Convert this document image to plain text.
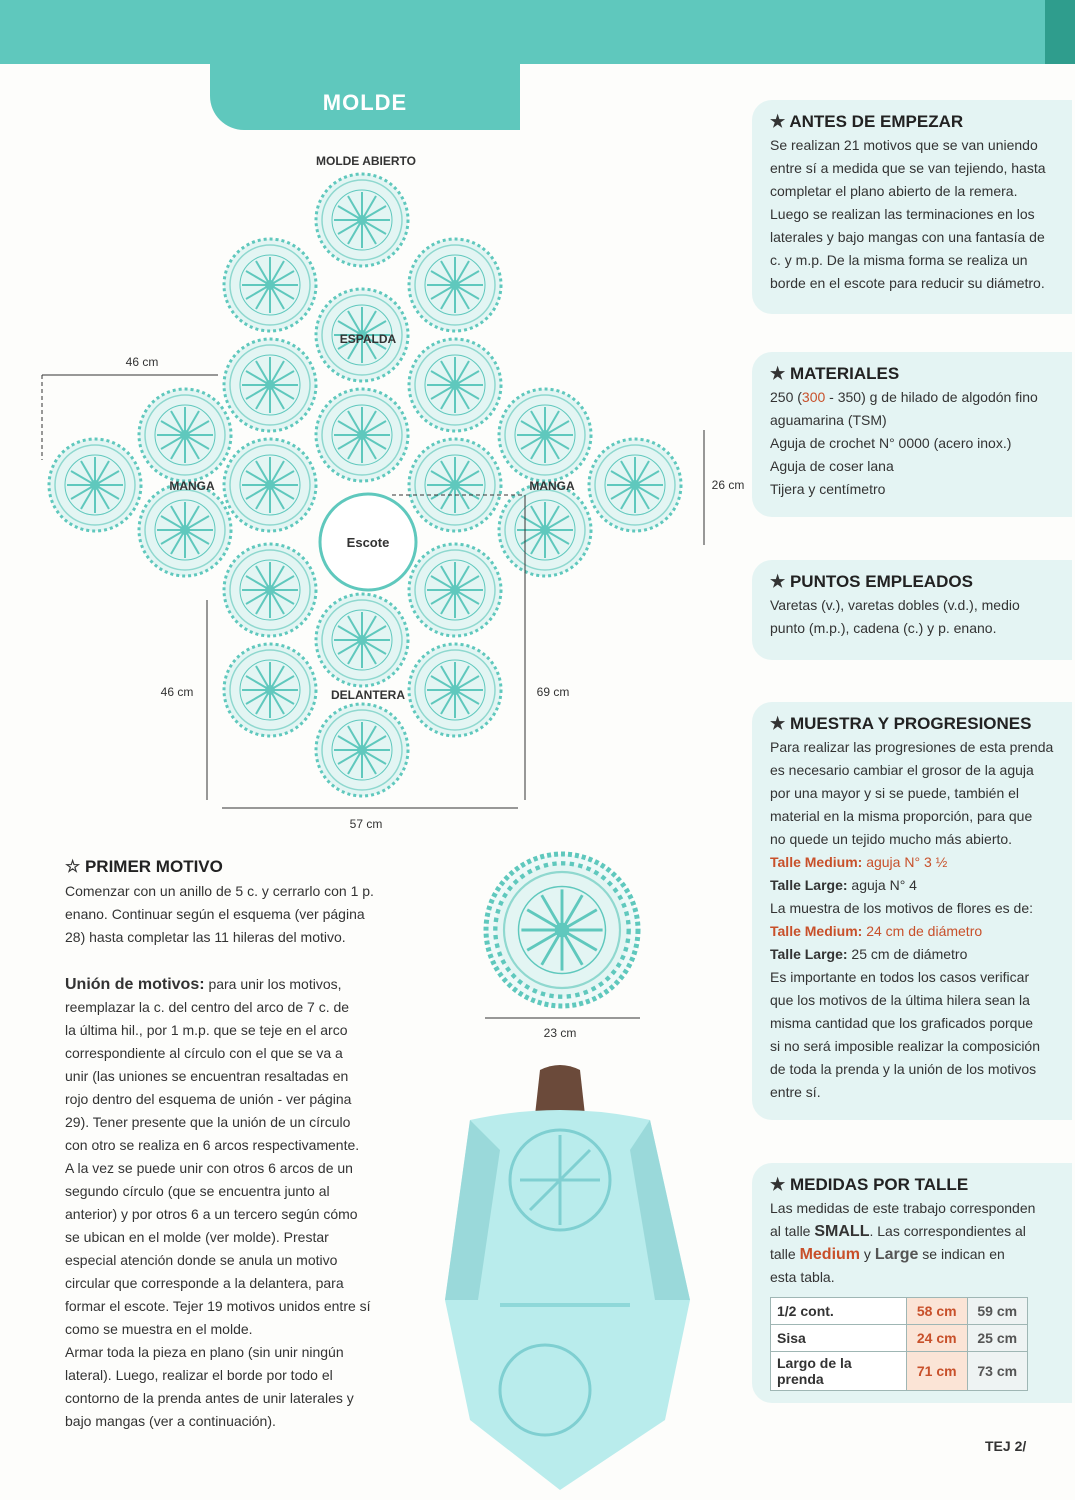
MOLDE
MOLDE ABIERTO
ESPALDA
DELANTERA
MANGA	MANGA
Escote
46 cm
46 cm
57 cm
69 cm
26 cm
23 cm
☆ PRIMER MOTIVO
Comenzar con un anillo de 5 c. y cerrarlo con 1 p.
enano. Continuar según el esquema (ver página
28) hasta completar las 11 hileras del motivo.
Unión de motivos: para unir los motivos,
reemplazar la c. del centro del arco de 7 c. de
la última hil., por 1 m.p. que se teje en el arco
correspondiente al círculo con el que se va a
unir (las uniones se encuentran resaltadas en
rojo dentro del esquema de unión - ver página
29). Tener presente que la unión de un círculo
con otro se realiza en 6 arcos respectivamente.
A la vez se puede unir con otros 6 arcos de un
segundo círculo (que se encuentra junto al
anterior) y por otros 6 a un tercero según cómo
se ubican en el molde (ver molde). Prestar
especial atención donde se anula un motivo
circular que corresponde a la delantera, para
formar el escote. Tejer 19 motivos unidos entre sí
como se muestra en el molde.
Armar toda la pieza en plano (sin unir ningún
lateral). Luego, realizar el borde por todo el
contorno de la prenda antes de unir laterales y
bajo mangas (ver a continuación).
★ ANTES DE EMPEZAR

Se realizan 21 motivos que se van uniendo

entre sí a medida que se van tejiendo, hasta

completar el plano abierto de la remera.

Luego se realizan las terminaciones en los

laterales y bajo mangas con una fantasía de

c. y m.p. De la misma forma se realiza un

borde en el escote para reducir su diámetro.

★ MATERIALES

250 (300 - 350) g de hilado de algodón fino

aguamarina (TSM)

Aguja de crochet N° 0000 (acero inox.)

Aguja de coser lana

Tijera y centímetro

★ PUNTOS EMPLEADOS

Varetas (v.), varetas dobles (v.d.), medio

punto (m.p.), cadena (c.) y p. enano.

★ MUESTRA Y PROGRESIONES

Para realizar las progresiones de esta prenda

es necesario cambiar el grosor de la aguja

por una mayor y si se puede, también el

material en la misma proporción, para que

no quede un tejido mucho más abierto.

Talle Medium: aguja N° 3 ½

Talle Large: aguja N° 4

La muestra de los motivos de flores es de:

Talle Medium: 24 cm de diámetro

Talle Large: 25 cm de diámetro

Es importante en todos los casos verificar

que los motivos de la última hilera sean la

misma cantidad que los graficados porque

si no será imposible realizar la composición

de toda la prenda y la unión de los motivos

entre sí.

★ MEDIDAS POR TALLE

Las medidas de este trabajo corresponden

al talle SMALL. Las correspondientes al

talle Medium y Large se indican en

esta tabla.

1/2 cont.	58 cm	59 cm
Sisa	24 cm	25 cm
Largo de la prenda	71 cm	73 cm
TEJ 2/
